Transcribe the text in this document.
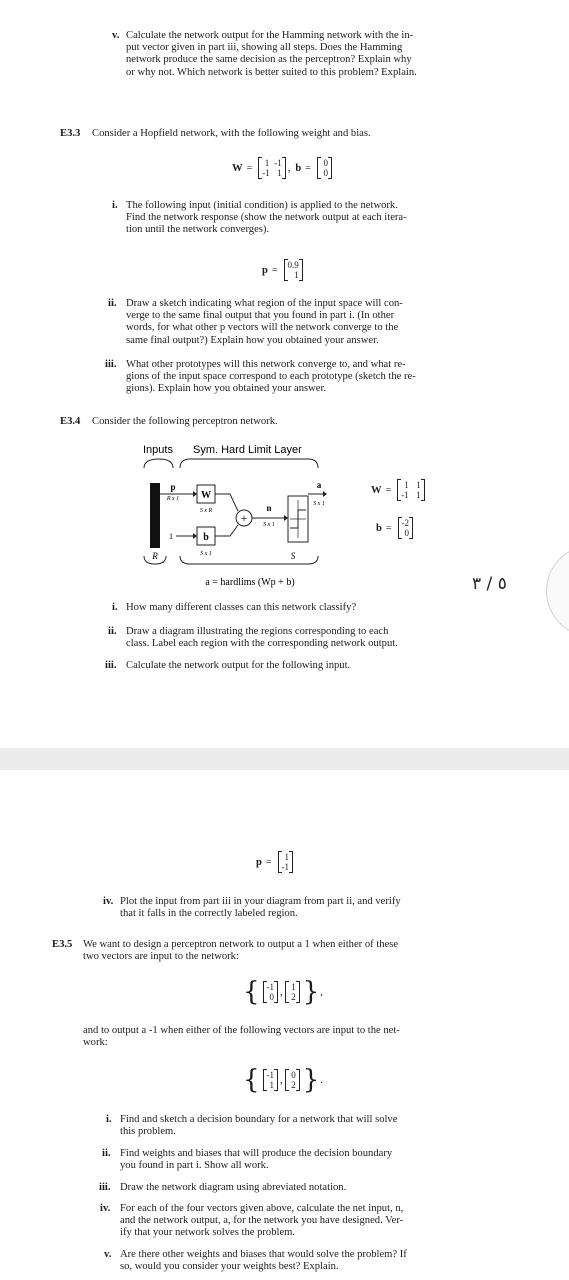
v. Calculate the network output for the Hamming network with the in-
put vector given in part iii, showing all steps. Does the Hamming
network produce the same decision as the perceptron? Explain why
or why not. Which network is better suited to this problem? Explain.
E3.3 Consider a Hopfield network, with the following weight and bias.
W = 1 -1
-1 1 , b = 0
0
i. The following input (initial condition) is applied to the network.
Find the network response (show the network output at each itera-
tion until the network converges).
p = 0.9
1
ii. Draw a sketch indicating what region of the input space will con-
verge to the same final output that you found in part i. (In other
words, for what other p vectors will the network converge to the
same final output?) Explain how you obtained your answer.
iii. What other prototypes will this network converge to, and what re-
gions of the input space correspond to each prototype (sketch the re-
gions). Explain how you obtained your answer.
E3.4 Consider the following perceptron network.
Inputs Sym. Hard Limit Layer
p
R x 1 W
S x R +
1	b
S x 1
n
S x 1
a
S x 1
R	S
a = hardlims (Wp + b)
W = 1 1
-1 1
b = -2
0
i. How many different classes can this network classify?
ii. Draw a diagram illustrating the regions corresponding to each
class. Label each region with the corresponding network output.
iii. Calculate the network output for the following input.
٥ / ٣
p = 1
-1
iv. Plot the input from part iii in your diagram from part ii, and verify
that it falls in the correctly labeled region.
E3.5 We want to design a perceptron network to output a 1 when either of these
two vectors are input to the network:
{ -1
0 , 1
2 } ,
and to output a -1 when either of the following vectors are input to the net-
work:
{ -1
1 , 0
2 } .
i. Find and sketch a decision boundary for a network that will solve
this problem.
ii. Find weights and biases that will produce the decision boundary
you found in part i. Show all work.
iii. Draw the network diagram using abreviated notation.
iv. For each of the four vectors given above, calculate the net input, n,
and the network output, a, for the network you have designed. Ver-
ify that your network solves the problem.
v. Are there other weights and biases that would solve the problem? If
so, would you consider your weights best? Explain.
